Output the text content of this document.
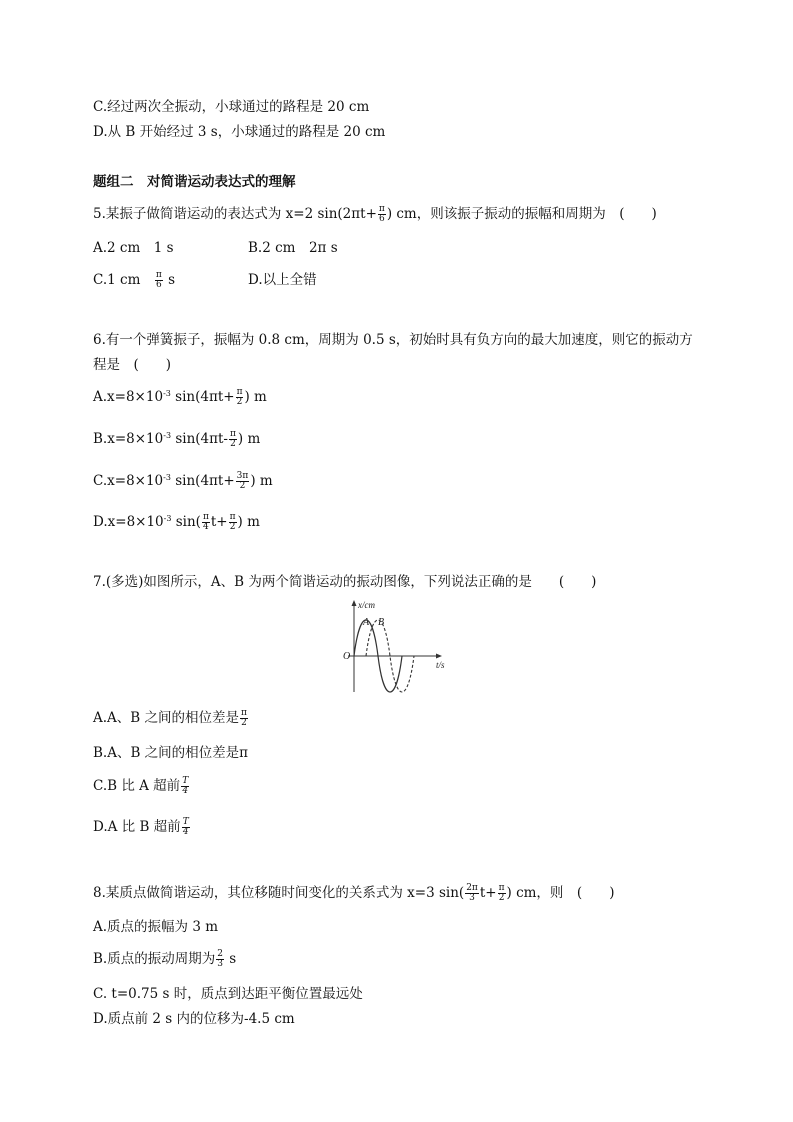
C.经过两次全振动，小球通过的路程是 20 cm
D.从 B 开始经过 3 s，小球通过的路程是 20 cm
题组二　对简谐运动表达式的理解
5.某振子做简谐运动的表达式为 x=2 $\sin(2\pi t+ \frac{\pi}{6}$ ) cm，则该振子振动的振幅和周期为　(　　)
A.2 cm　1 s	B.2 cm　2π s
C.1 cm　 $\frac{\pi}{6}$ s	D.以上全错
6.有一个弹簧振子，振幅为 0.8 cm，周期为 0.5 s，初始时具有负方向的最大加速度，则它的振动方
程是　(　　)
$A.x=8\times 10^{-3}$ $\sin(4\pi t+ \frac{\pi}{2}$ ) m
$B.x=8\times 10^{-3}$ $\sin(4\pi t- \frac{\pi}{2}$ ) m
$C.x=8\times 10^{-3}$ $\sin(4\pi t+ \frac{3\pi}{2}$ ) m
$D.x=8\times 10^{-3}$ $\sin( \frac{\pi}{4} t+ \frac{\pi}{2}$ ) m
7.(多选)如图所示，A、B 为两个简谐运动的振动图像，下列说法正确的是　　(　　)
x/cm
t/s
O
A B
A.A、B 之间的相位差是 $\frac{\pi}{2}$
B.A、B 之间的相位差是π
C.B 比 A 超前 $\frac{T}{4}$
D.A 比 B 超前 $\frac{T}{4}$
8.某质点做简谐运动，其位移随时间变化的关系式为 x=3 $\sin( \frac{2\pi}{3} t+ \frac{\pi}{2}$ ) cm，则　(　　)
A.质点的振幅为 3 m
B.质点的振动周期为 $\frac{2}{3}$ s
C. t=0.75 s 时，质点到达距平衡位置最远处
D.质点前 2 s 内的位移为-4.5 cm
